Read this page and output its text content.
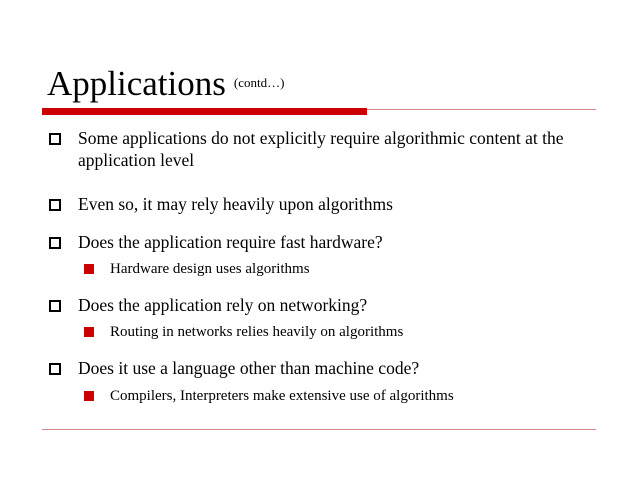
Applications $^{(contd\dots)}$
Some applications do not explicitly require algorithmic content at the application level
Even so, it may rely heavily upon algorithms
Does the application require fast hardware?
Hardware design uses algorithms
Does the application rely on networking?
Routing in networks relies heavily on algorithms
Does it use a language other than machine code?
Compilers, Interpreters make extensive use of algorithms
